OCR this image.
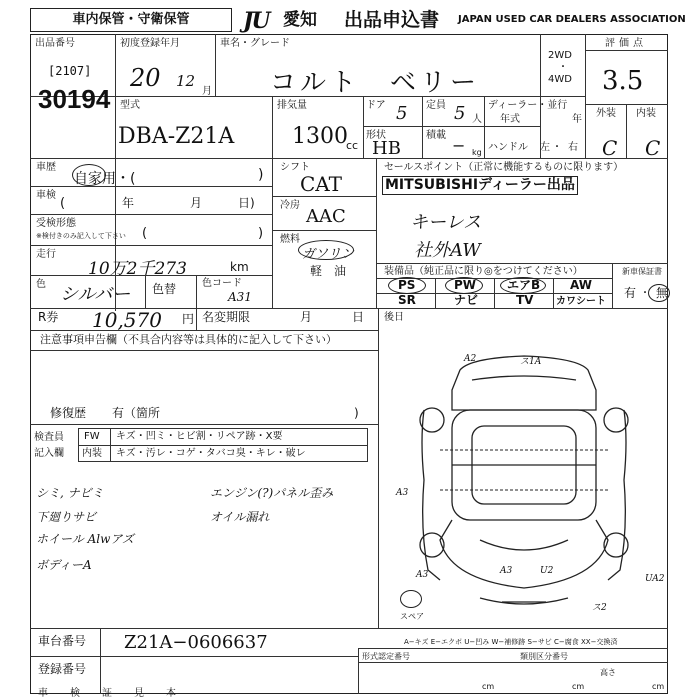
車内保管・守衛保管	JU 愛知 出品申込書 JAPAN USED CAR DEALERS ASSOCIATION
出品番号
[2107]
30194
初度登録年月
20 12
月
車名・グレード
コルト　ベリー
2WD
・
4WD
評価点
3.5
外装 内装
C C
型式
DBA-Z21A
排気量
1300
cc
ドア 5 定員 5 人
形状
HB
積載
− kg
ディーラー・並行
年式	年
ハンドル 左 ・ 右
車歴
自家用・(	)
車検
(	年	月	日)
受検形態
※検付きのみ記入して下さい (	)
走行
10万2千273	km
色 シルバー 色替	色コード
A31
シフト
CAT
冷房
AAC
燃料
ガソリン
軽　油
セールスポイント（正常に機能するものに限ります）
MITSUBISHIディーラー出品
キーレス
社外AW
装備品（純正品に限り◎をつけてください）
PS	PW	エアB AW
SR	ナビ	TV カワシート
新車保証書
有 ・ 無
R券 10,570 円 名変期限	月	日 後日
注意事項申告欄（不具合内容等は具体的に記入して下さい）
修復歴 有（箇所	)
検査員
記入欄
FW キズ・凹ミ・ヒビ割・リペア跡・X要
内装 キズ・汚レ・コゲ・タバコ臭・キレ・破レ
シミ, ナビミ	エンジン(?)パネル歪み
下廻りサビ	オイル漏れ
ホイール Alwアズ
ボディーA
A2	ス1A
A3
A3	U2
A3
UA2
ス2
スペア
A−キズ E−エクボ U−凹み W−補修跡 S−サビ C−腐食 XX−交換済
車台番号 Z21A−0606637
登録番号
形式認定番号	類別区分番号
高さ
cm	cm	cm
車　検　証　見　本
